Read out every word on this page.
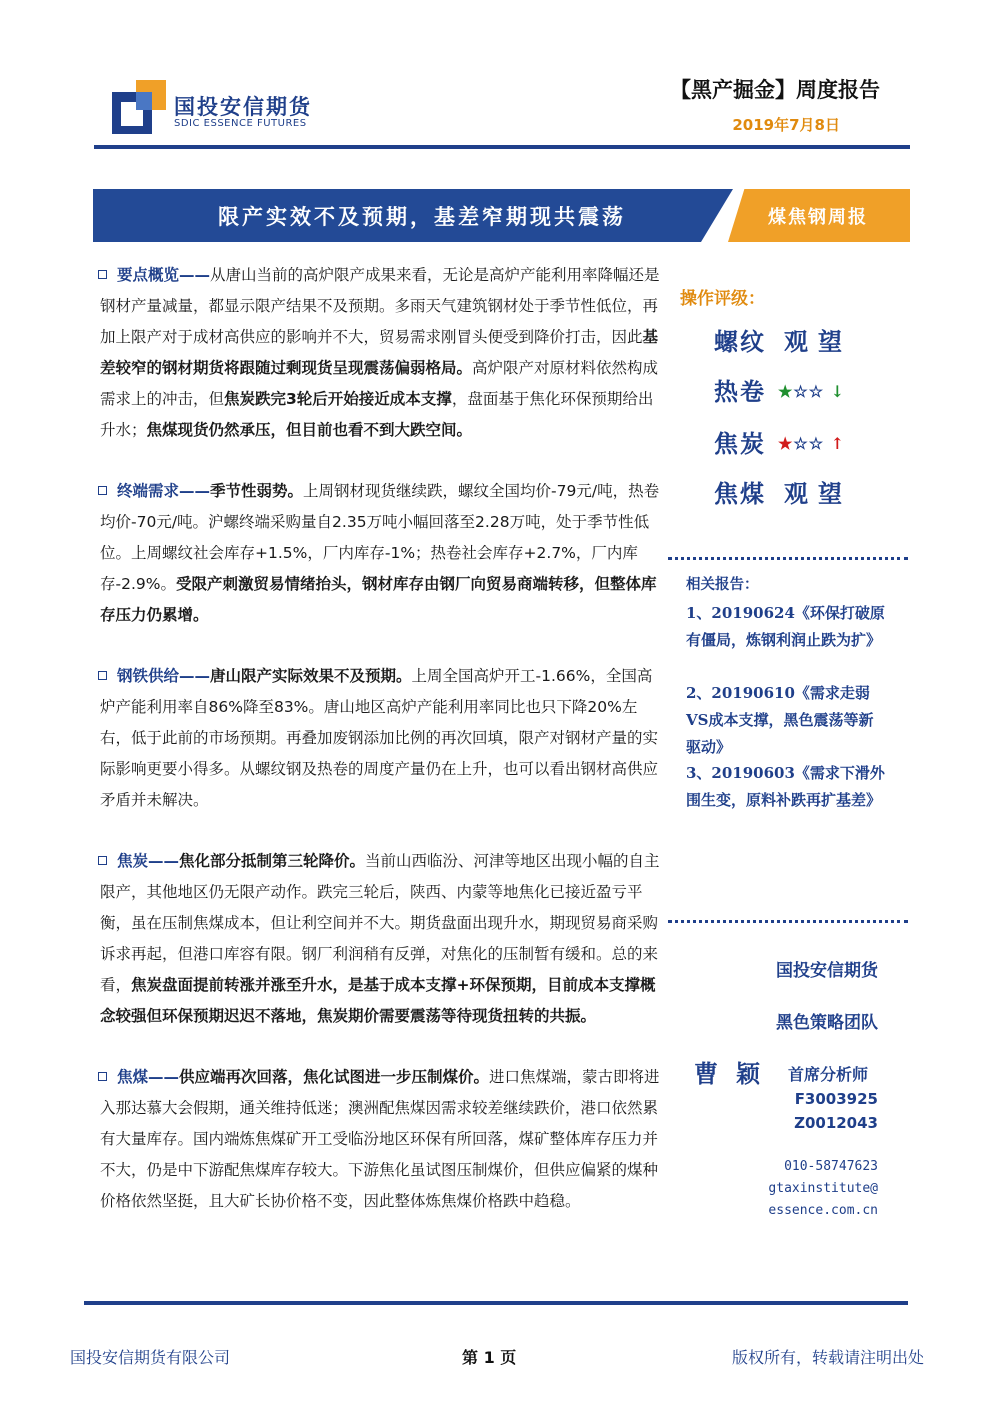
国投安信期货
SDIC ESSENCE FUTURES
【黑产掘金】周度报告
2019年7月8日
限产实效不及预期，基差窄期现共震荡	煤焦钢周报
要点概览——从唐山当前的高炉限产成果来看，无论是高炉产能利用率降幅还是钢材产量减量，都显示限产结果不及预期。多雨天气建筑钢材处于季节性低位，再加上限产对于成材高供应的影响并不大，贸易需求刚冒头便受到降价打击，因此基差较窄的钢材期货将跟随过剩现货呈现震荡偏弱格局。高炉限产对原材料依然构成需求上的冲击，但焦炭跌完3轮后开始接近成本支撑，盘面基于焦化环保预期给出升水；焦煤现货仍然承压，但目前也看不到大跌空间。
终端需求——季节性弱势。上周钢材现货继续跌，螺纹全国均价-79元/吨，热卷均价-70元/吨。沪螺终端采购量自2.35万吨小幅回落至2.28万吨，处于季节性低位。上周螺纹社会库存+1.5%，厂内库存-1%；热卷社会库存+2.7%，厂内库存-2.9%。受限产刺激贸易情绪抬头，钢材库存由钢厂向贸易商端转移，但整体库存压力仍累增。
钢铁供给——唐山限产实际效果不及预期。上周全国高炉开工-1.66%，全国高炉产能利用率自86%降至83%。唐山地区高炉产能利用率同比也只下降20%左右，低于此前的市场预期。再叠加废钢添加比例的再次回填，限产对钢材产量的实际影响更要小得多。从螺纹钢及热卷的周度产量仍在上升，也可以看出钢材高供应矛盾并未解决。
焦炭——焦化部分抵制第三轮降价。当前山西临汾、河津等地区出现小幅的自主限产，其他地区仍无限产动作。跌完三轮后，陕西、内蒙等地焦化已接近盈亏平衡，虽在压制焦煤成本，但让利空间并不大。期货盘面出现升水，期现贸易商采购诉求再起，但港口库容有限。钢厂利润稍有反弹，对焦化的压制暂有缓和。总的来看，焦炭盘面提前转涨并涨至升水，是基于成本支撑+环保预期，目前成本支撑概念较强但环保预期迟迟不落地，焦炭期价需要震荡等待现货扭转的共振。
焦煤——供应端再次回落，焦化试图进一步压制煤价。进口焦煤端，蒙古即将进入那达慕大会假期，通关维持低迷；澳洲配焦煤因需求较差继续跌价，港口依然累有大量库存。国内端炼焦煤矿开工受临汾地区环保有所回落，煤矿整体库存压力并不大，仍是中下游配焦煤库存较大。下游焦化虽试图压制煤价，但供应偏紧的煤种价格依然坚挺，且大矿长协价格不变，因此整体炼焦煤价格跌中趋稳。
操作评级：
螺纹 观望
热卷 ★☆☆ ↓
焦炭 ★☆☆ ↑
焦煤 观望
相关报告：
1、20190624《环保打破原有僵局，炼钢利润止跌为扩》
2、20190610《需求走弱VS成本支撑，黑色震荡等新驱动》
3、20190603《需求下滑外围生变，原料补跌再扩基差》
国投安信期货
黑色策略团队
曹颖 首席分析师
F3003925
Z0012043
010-58747623
gtaxinstitute@
essence.com.cn
国投安信期货有限公司	第 1 页	版权所有，转载请注明出处
